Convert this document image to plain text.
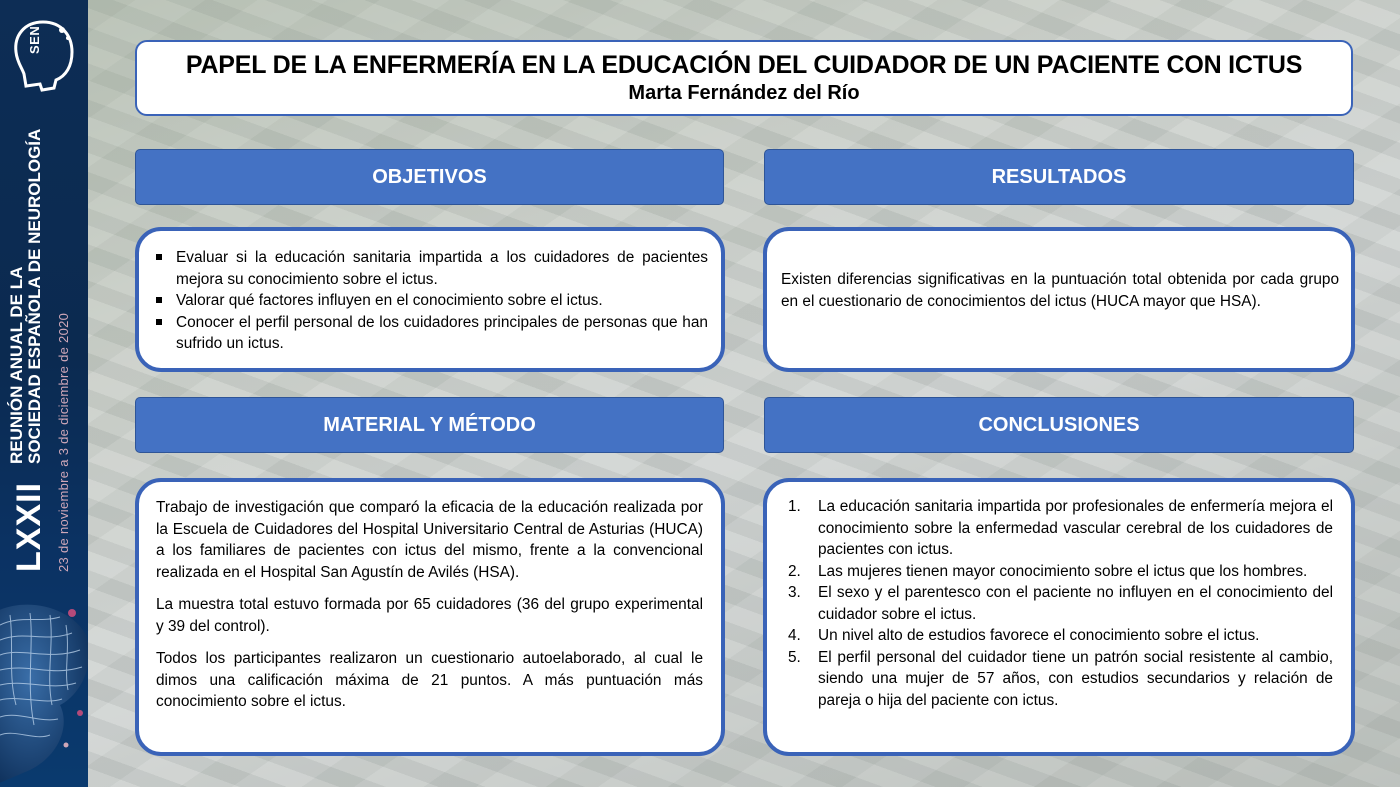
SEN
LXXII
REUNIÓN ANUAL DE LA SOCIEDAD ESPAÑOLA DE NEUROLOGÍA 23 de noviembre a 3 de diciembre de 2020
PAPEL DE LA ENFERMERÍA EN LA EDUCACIÓN DEL CUIDADOR DE UN PACIENTE CON ICTUS
Marta Fernández del Río
OBJETIVOS	RESULTADOS
MATERIAL Y MÉTODO	CONCLUSIONES
Evaluar si la educación sanitaria impartida a los cuidadores de pacientes mejora su conocimiento sobre el ictus.
Valorar qué factores influyen en el conocimiento sobre el ictus.
Conocer el perfil personal de los cuidadores principales de personas que han sufrido un ictus.
Existen diferencias significativas en la puntuación total obtenida por cada grupo en el cuestionario de conocimientos del ictus (HUCA mayor que HSA).

Trabajo de investigación que comparó la eficacia de la educación realizada por la Escuela de Cuidadores del Hospital Universitario Central de Asturias (HUCA) a los familiares de pacientes con ictus del mismo, frente a la convencional realizada en el Hospital San Agustín de Avilés (HSA).

La muestra total estuvo formada por 65 cuidadores (36 del grupo experimental y 39 del control).

Todos los participantes realizaron un cuestionario autoelaborado, al cual le dimos una calificación máxima de 21 puntos. A más puntuación más conocimiento sobre el ictus.

1. La educación sanitaria impartida por profesionales de enfermería mejora el conocimiento sobre la enfermedad vascular cerebral de los cuidadores de pacientes con ictus.
2. Las mujeres tienen mayor conocimiento sobre el ictus que los hombres.
3. El sexo y el parentesco con el paciente no influyen en el conocimiento del cuidador sobre el ictus.
4. Un nivel alto de estudios favorece el conocimiento sobre el ictus.
5. El perfil personal del cuidador tiene un patrón social resistente al cambio, siendo una mujer de 57 años, con estudios secundarios y relación de pareja o hija del paciente con ictus.
